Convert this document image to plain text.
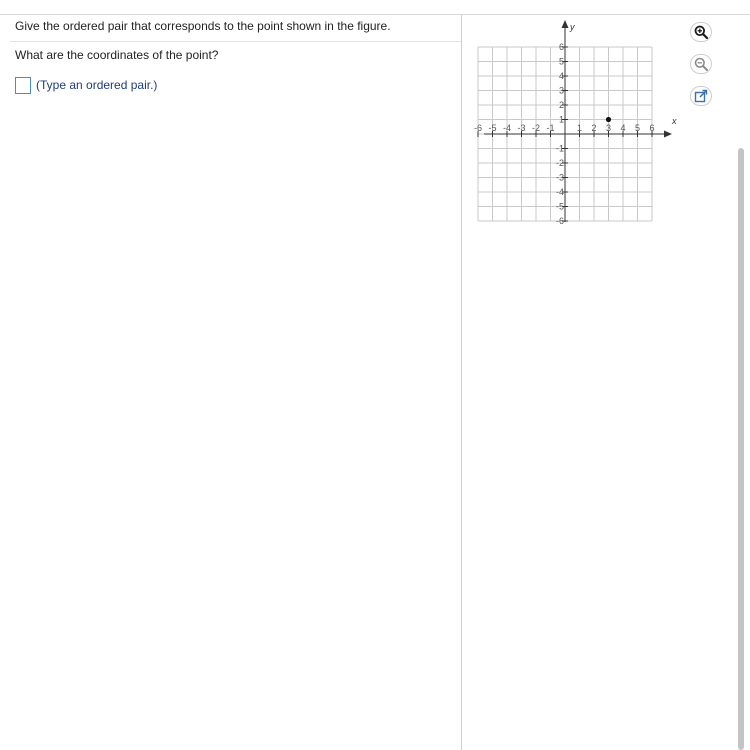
Give the ordered pair that corresponds to the point shown in the figure.
What are the coordinates of the point?
(Type an ordered pair.)
x
y
-6 -5 -4 -3 -2 -1 1 2 3 4 5 6
6
5
4
3
2
1
-1
-2
-3
-4
-5
-6
